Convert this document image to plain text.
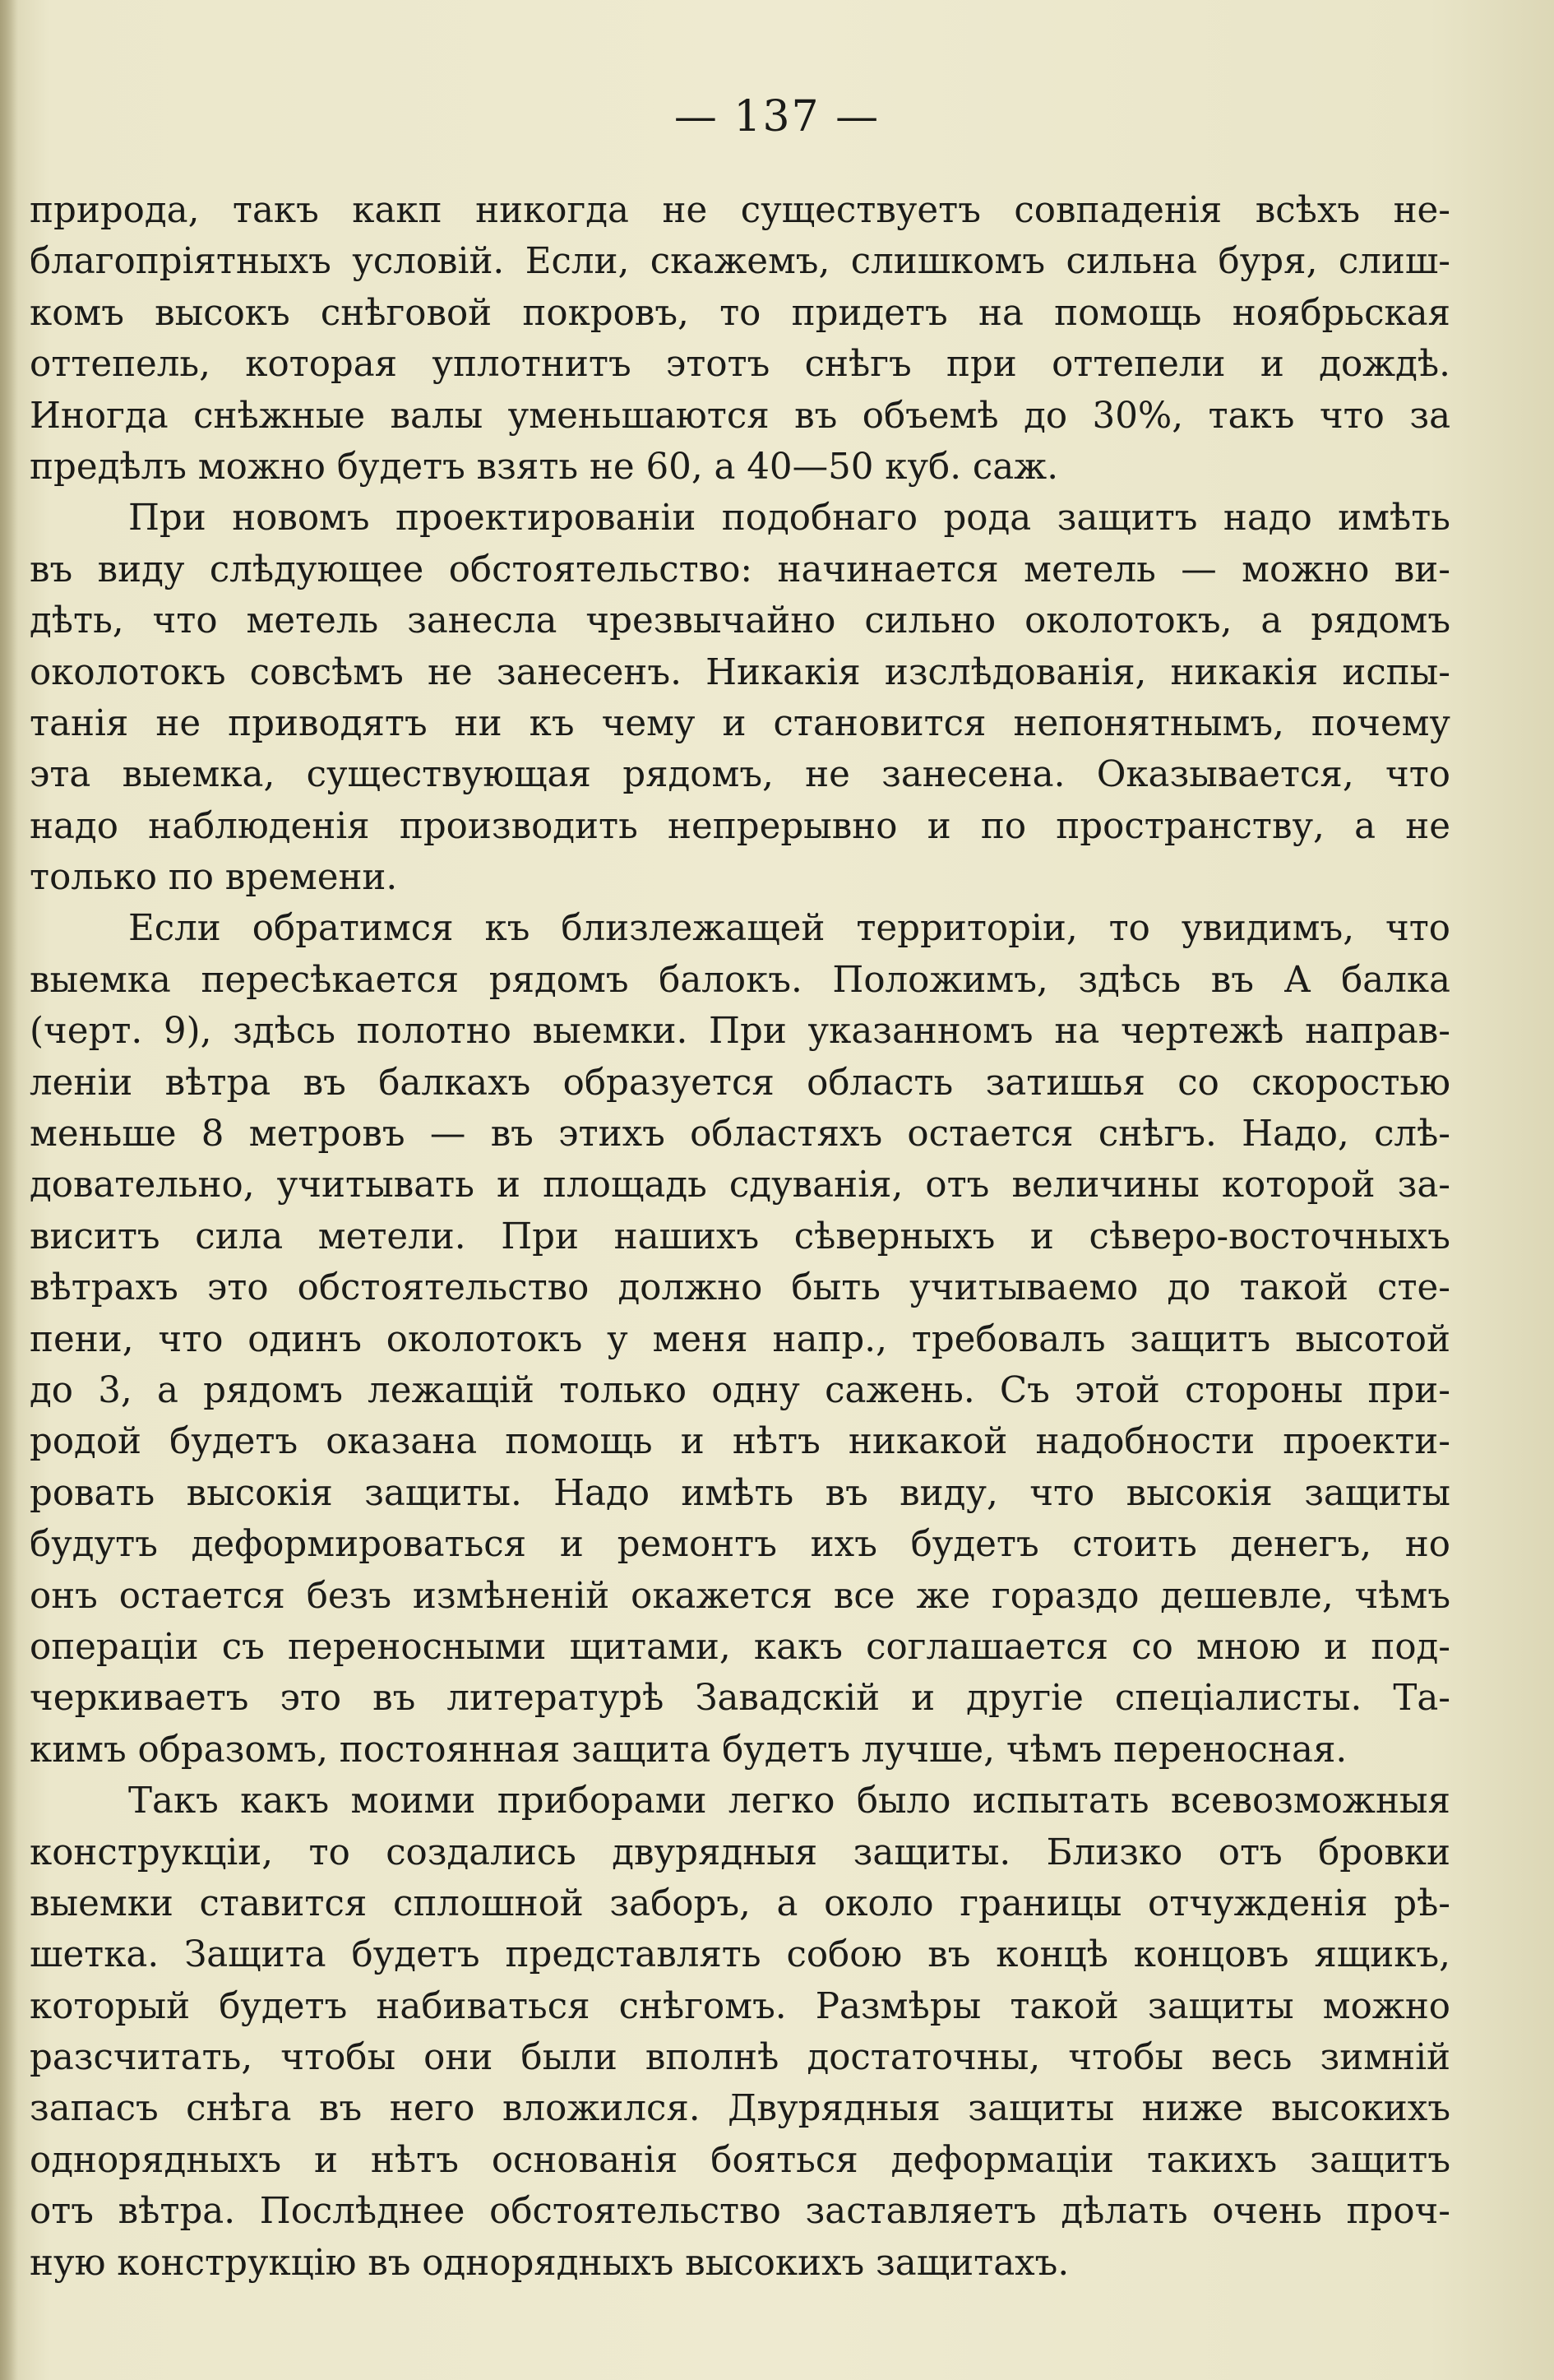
— 137 —
природа, такъ какп никогда не существуетъ совпаденія всѣхъ не-
благопріятныхъ условій. Если, скажемъ, слишкомъ сильна буря, слиш-
комъ высокъ снѣговой покровъ, то придетъ на помощь ноябрьская
оттепель, которая уплотнитъ этотъ снѣгъ при оттепели и дождѣ.
Иногда снѣжные валы уменьшаются въ объемѣ до 30%, такъ что за
предѣлъ можно будетъ взять не 60, а 40—50 куб. саж.
При новомъ проектированіи подобнаго рода защитъ надо имѣть
въ виду слѣдующее обстоятельство: начинается метель — можно ви-
дѣть, что метель занесла чрезвычайно сильно околотокъ, а рядомъ
околотокъ совсѣмъ не занесенъ. Никакія изслѣдованія, никакія испы-
танія не приводятъ ни къ чему и становится непонятнымъ, почему
эта выемка, существующая рядомъ, не занесена. Оказывается, что
надо наблюденія производить непрерывно и по пространству, а не
только по времени.
Если обратимся къ близлежащей территоріи, то увидимъ, что
выемка пересѣкается рядомъ балокъ. Положимъ, здѣсь въ А балка
(черт. 9), здѣсь полотно выемки. При указанномъ на чертежѣ направ-
леніи вѣтра въ балкахъ образуется область затишья со скоростью
меньше 8 метровъ — въ этихъ областяхъ остается снѣгъ. Надо, слѣ-
довательно, учитывать и площадь сдуванія, отъ величины которой за-
виситъ сила метели. При нашихъ сѣверныхъ и сѣверо-восточныхъ
вѣтрахъ это обстоятельство должно быть учитываемо до такой сте-
пени, что одинъ околотокъ у меня напр., требовалъ защитъ высотой
до 3, а рядомъ лежащій только одну сажень. Съ этой стороны при-
родой будетъ оказана помощь и нѣтъ никакой надобности проекти-
ровать высокія защиты. Надо имѣть въ виду, что высокія защиты
будутъ деформироваться и ремонтъ ихъ будетъ стоить денегъ, но
онъ остается безъ измѣненій окажется все же гораздо дешевле, чѣмъ
операціи съ переносными щитами, какъ соглашается со мною и под-
черкиваетъ это въ литературѣ Завадскій и другіе спеціалисты. Та-
кимъ образомъ, постоянная защита будетъ лучше, чѣмъ переносная.
Такъ какъ моими приборами легко было испытать всевозможныя
конструкціи, то создались двурядныя защиты. Близко отъ бровки
выемки ставится сплошной заборъ, а около границы отчужденія рѣ-
шетка. Защита будетъ представлять собою въ концѣ концовъ ящикъ,
который будетъ набиваться снѣгомъ. Размѣры такой защиты можно
разсчитать, чтобы они были вполнѣ достаточны, чтобы весь зимній
запасъ снѣга въ него вложился. Двурядныя защиты ниже высокихъ
однорядныхъ и нѣтъ основанія бояться деформаціи такихъ защитъ
отъ вѣтра. Послѣднее обстоятельство заставляетъ дѣлать очень проч-
ную конструкцію въ однорядныхъ высокихъ защитахъ.
